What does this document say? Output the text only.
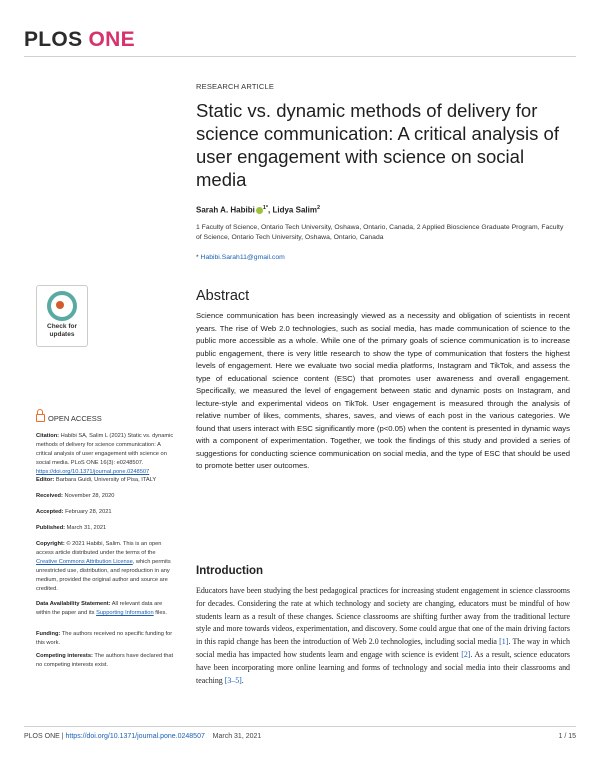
PLOS ONE
RESEARCH ARTICLE
Static vs. dynamic methods of delivery for science communication: A critical analysis of user engagement with science on social media
Sarah A. Habibi $^{1*}$, Lidya Salim$^2$
1 Faculty of Science, Ontario Tech University, Oshawa, Ontario, Canada, 2 Applied Bioscience Graduate Program, Faculty of Science, Ontario Tech University, Oshawa, Ontario, Canada
* Habibi.Sarah11@gmail.com
Check for
updates
Abstract
Science communication has been increasingly viewed as a necessity and obligation of scientists in recent years. The rise of Web 2.0 technologies, such as social media, has made communication of science to the public more accessible as a whole. While one of the primary goals of science communication is to increase public engagement, there is very little research to show the type of communication that fosters the highest levels of engagement. Here we evaluate two social media platforms, Instagram and TikTok, and assess the type of educational science content (ESC) that promotes user awareness and overall engagement. Specifically, we measured the level of engagement between static and dynamic posts on Instagram, and lecture-style and experimental videos on TikTok. User engagement is measured through the analysis of relative number of likes, comments, shares, saves, and views of each post in the various categories. We found that users interact with ESC significantly more (p<0.05) when the content is presented in dynamic ways with a component of experimentation. Together, we took the findings of this study and provided a series of suggestions for conducting science communication on social media, and the type of ESC that should be used to promote better user outcomes.
OPEN ACCESS
Citation: Habibi SA, Salim L (2021) Static vs. dynamic methods of delivery for science communication: A critical analysis of user engagement with science on social media. PLoS ONE 16(3): e0248507. https://doi.org/10.1371/journal.pone.0248507
Editor: Barbara Guidi, University of Pisa, ITALY
Received: November 28, 2020
Accepted: February 28, 2021
Published: March 31, 2021
Copyright: © 2021 Habibi, Salim. This is an open access article distributed under the terms of the Creative Commons Attribution License, which permits unrestricted use, distribution, and reproduction in any medium, provided the original author and source are credited.
Data Availability Statement: All relevant data are within the paper and its Supporting Information files.
Funding: The authors received no specific funding for this work.
Competing interests: The authors have declared that no competing interests exist.
Introduction
Educators have been studying the best pedagogical practices for increasing student engagement in science classrooms for decades. Considering the rate at which technology and society are changing, educators must be mindful of how students learn as a result of these changes. Science classrooms are shifting further away from the traditional lecture style and more towards videos, experimentation, and discovery. Some could argue that one of the main driving factors in this rapid change has been the introduction of Web 2.0 technologies, including social media [1]. The way in which social media has impacted how students learn and engage with science is evident [2]. As a result, science educators have been incorporating more online learning and forms of technology and social media into their classrooms and teaching [3–5].
PLOS ONE | https://doi.org/10.1371/journal.pone.0248507 March 31, 2021	1 / 15
